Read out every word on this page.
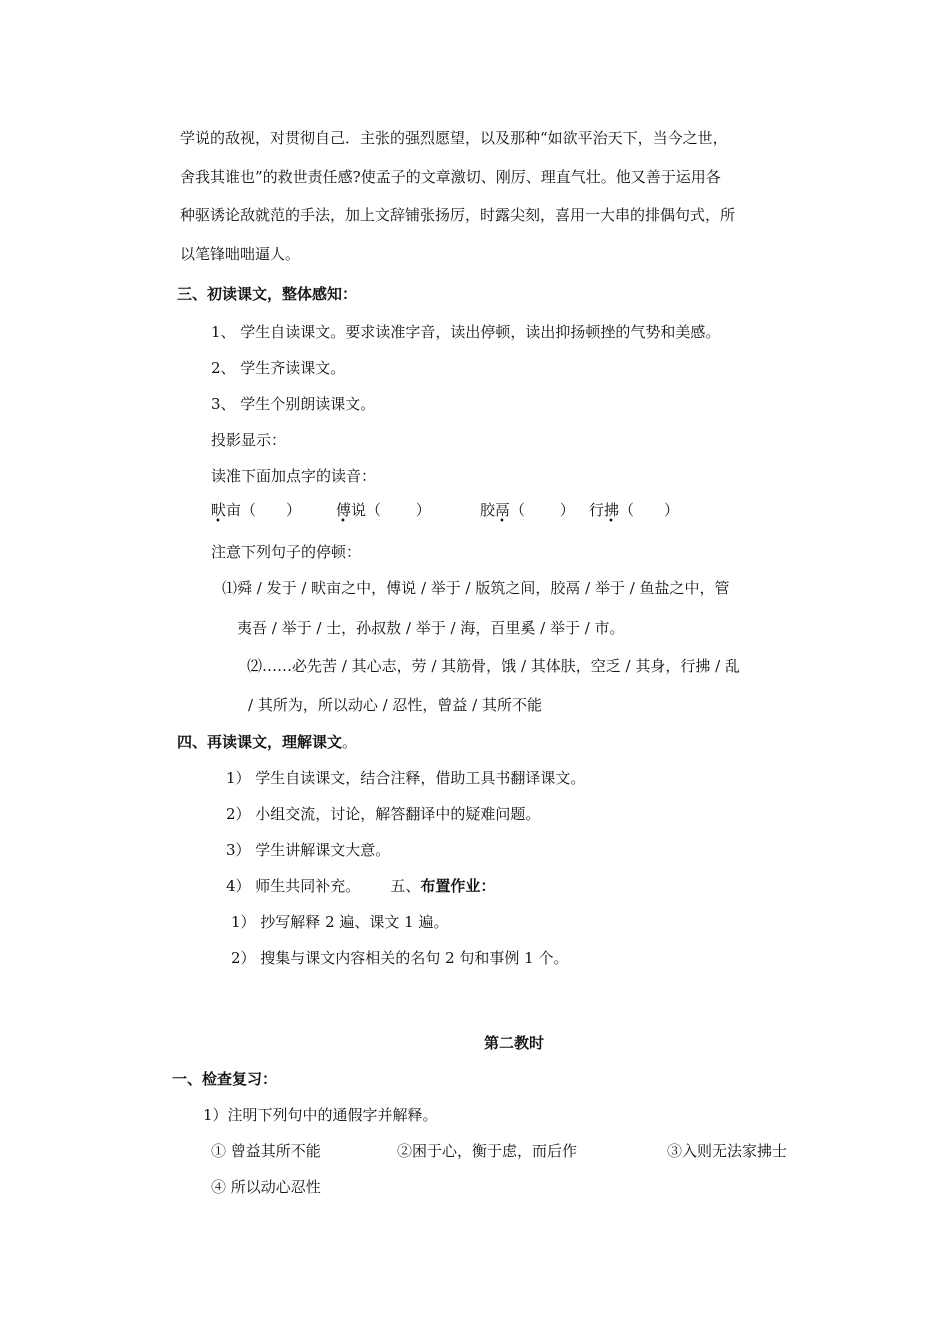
学说的敌视，对贯彻自己．主张的强烈愿望，以及那种“如欲平治天下，当今之世，
舍我其谁也”的救世责任感?使孟子的文章激切、刚厉、理直气壮。他又善于运用各
种驱诱论敌就范的手法，加上文辞铺张扬厉，时露尖刻，喜用一大串的排偶句式，所
以笔锋咄咄逼人。
三、初读课文，整体感知：
1、 学生自读课文。要求读准字音，读出停顿，读出抑扬顿挫的气势和美感。
2、 学生齐读课文。
3、 学生个别朗读课文。
投影显示：
读准下面加点字的读音：
畎
•
亩（　　） 傅
•
说（　　 ）	胶鬲
•
（　　 ） 行拂
•
（　　）
注意下列句子的停顿：
⑴舜 / 发于 / 畎亩之中，傅说 / 举于 / 版筑之间，胶鬲 / 举于 / 鱼盐之中，管
夷吾 / 举于 / 士，孙叔敖 / 举于 / 海，百里奚 / 举于 / 市。
⑵……必先苦 / 其心志，劳 / 其筋骨，饿 / 其体肤，空乏 / 其身，行拂 / 乱
/ 其所为，所以动心 / 忍性，曾益 / 其所不能
四、再读课文，理解课文。
1） 学生自读课文，结合注释，借助工具书翻译课文。
2） 小组交流，讨论，解答翻译中的疑难问题。
3） 学生讲解课文大意。
4） 师生共同补充。 五、布置作业：
1） 抄写解释 2 遍、课文 1 遍。
2） 搜集与课文内容相关的名句 2 句和事例 1 个。
第二教时
一、检查复习：
1）注明下列句中的通假字并解释。
① 曾益其所不能	②困于心，衡于虑，而后作	③入则无法家拂士
④ 所以动心忍性
